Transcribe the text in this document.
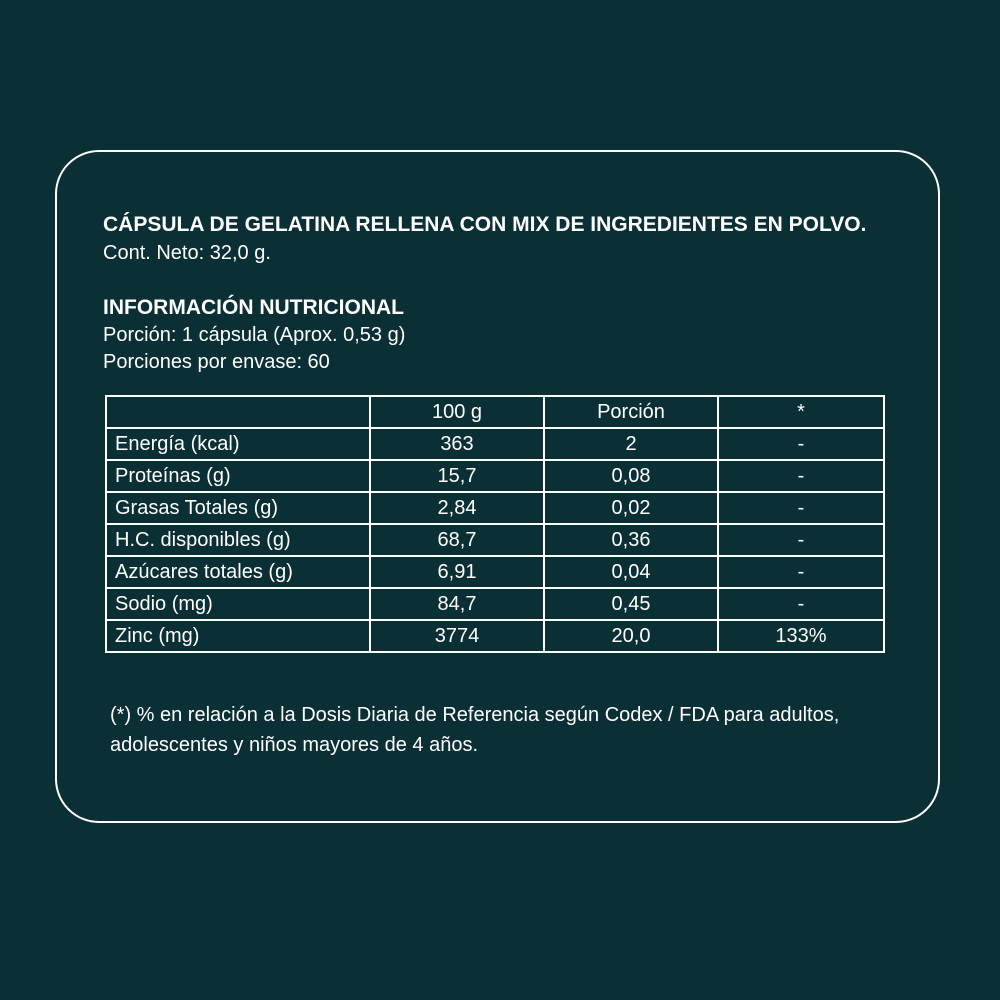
CÁPSULA DE GELATINA RELLENA CON MIX DE INGREDIENTES EN POLVO.
Cont. Neto: 32,0 g.
INFORMACIÓN NUTRICIONAL
Porción: 1 cápsula (Aprox. 0,53 g)
Porciones por envase: 60
	100 g	Porción	*
Energía (kcal)	363	2	-
Proteínas (g)	15,7	0,08	-
Grasas Totales (g)	2,84	0,02	-
H.C. disponibles (g)	68,7	0,36	-
Azúcares totales (g)	6,91	0,04	-
Sodio (mg)	84,7	0,45	-
Zinc (mg)	3774	20,0	133%
(*) % en relación a la Dosis Diaria de Referencia según Codex / FDA para adultos, adolescentes y niños mayores de 4 años.
